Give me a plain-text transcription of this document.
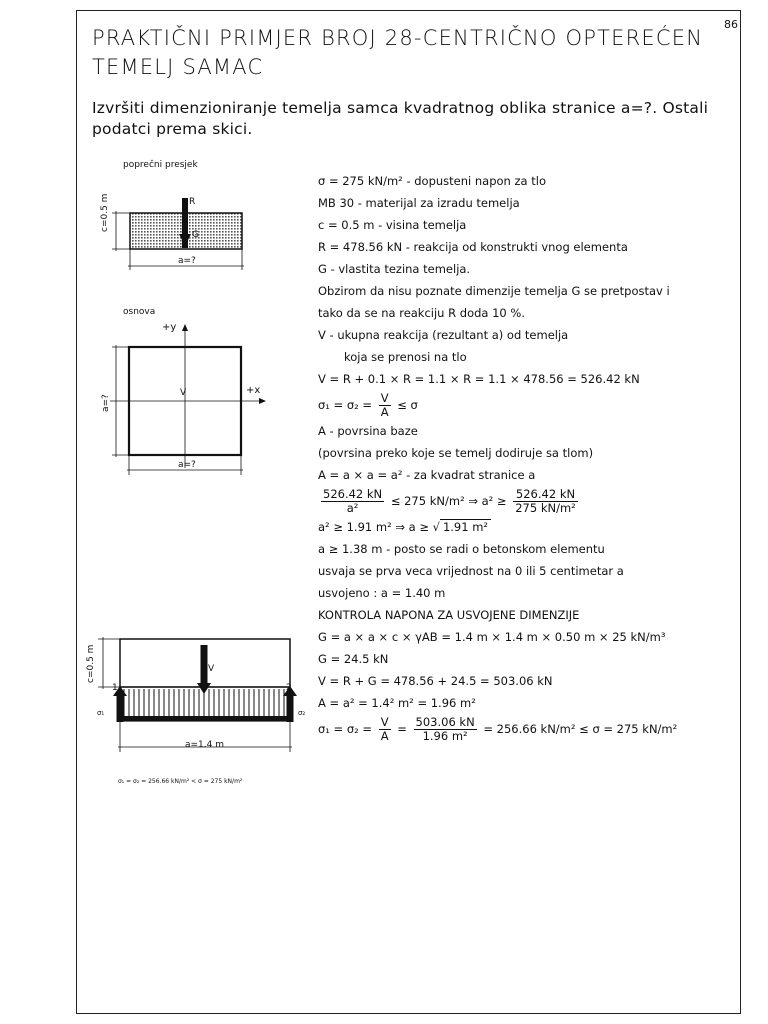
86
PRAKTIČNI PRIMJER BROJ 28-CENTRIČNO OPTEREĆEN TEMELJ SAMAC
Izvršiti dimenzioniranje temelja samca kvadratnog oblika stranice a=?. Ostali podatci prema skici.
poprečni presjek
c=0.5 m
a=?
R
G
osnova
+y
+x
V
a=?
a=?
c=0.5 m	V
1	2
σ₁	σ₂
a=1.4 m
σ = 275 kN/m² - dopusteni napon za tlo
MB 30 - materijal za izradu temelja
c = 0.5 m - visina temelja
R = 478.56 kN - reakcija od konstrukti vnog elementa
G - vlastita tezina temelja.
Obzirom da nisu poznate dimenzije temelja G se pretpostav i
tako da se na reakciju R doda 10 %.
V - ukupna reakcija (rezultant a) od temelja
koja se prenosi na tlo
V = R + 0.1 × R = 1.1 × R = 1.1 × 478.56 = 526.42 kN
$\sigma_1 = \sigma_2 = \frac{V}{A} \le \sigma$
A - povrsina baze
(povrsina preko koje se temelj dodiruje sa tlom)
A = a × a = a² - za kvadrat stranice a
$\frac{526.42 kN}{\text{a²}} \le 275$ kN/m² ⇒ $a^2 \ge \frac{526.42 kN}{\text{275 kN/m²}}$
a² ≥ 1.91 m² ⇒ a ≥ √ 1.91 m²
a ≥ 1.38 m - posto se radi o betonskom elementu
usvaja se prva veca vrijednost na 0 ili 5 centimetar a
usvojeno : a = 1.40 m
KONTROLA NAPONA ZA USVOJENE DIMENZIJE
G = a × a × c × γAB = 1.4 m × 1.4 m × 0.50 m × 25 kN/m³
G = 24.5 kN
V = R + G = 478.56 + 24.5 = 503.06 kN
A = a² = 1.4² m² = 1.96 m²
$\sigma_1 = \sigma_2 = \frac{V}{A} = \frac{503.06 kN}{\text{1.96 m²}} = 256.66$ kN/m² ≤ σ = 275 kN/m²
σ₁ = σ₂ = 256.66 kN/m² < σ = 275 kN/m²
